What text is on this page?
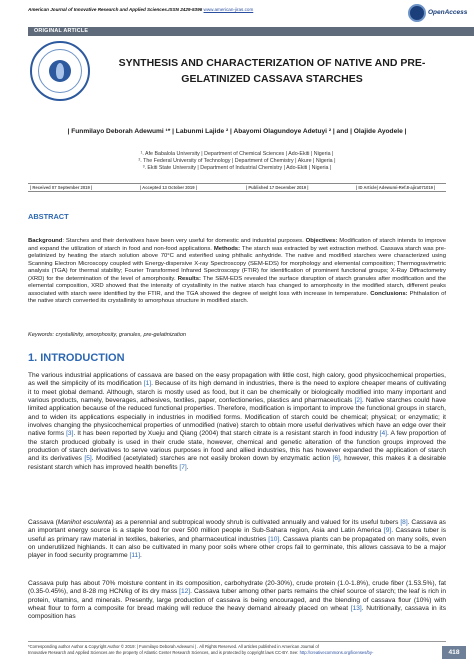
American Journal of Innovative Research and Applied Sciences.ISSN 2429-5396 www.american-jiras.com	OpenAccess
ORIGINAL ARTICLE
SYNTHESIS AND CHARACTERIZATION OF NATIVE AND PRE-
GELATINIZED CASSAVA STARCHES
| Funmilayo Deborah Adewumi ¹* | Labunmi Lajide ² | Abayomi Olagundoye Adetuyi ² | and | Olajide Ayodele |
¹. Afe Babalola University | Department of Chemical Sciences | Ado-Ekiti | Nigeria |
². The Federal University of Technology | Department of Chemistry | Akure | Nigeria |
³. Ekiti State University | Department of Industrial Chemistry | Ado-Ekiti | Nigeria |
| Received 07 September 2019 |	| Accepted 13 October 2019 |	| Published 17 December 2019 |	| ID Article| Adewumi-Ref.8-ajira071019 |
ABSTRACT
Background: Starches and their derivatives have been very useful for domestic and industrial purposes. Objectives: Modification of starch intends to improve and expand the utilization of starch in food and non-food applications. Methods: The starch was extracted by wet extraction method. Cassava starch was pre-gelatinized by heating the starch solution above 70°C and esterified using phthalic anhydride. The native and modified starches were characterized using Scanning Electron Microscopy coupled with Energy-dispersive X-ray Spectroscopy (SEM-EDS) for morphology and elemental composition; Thermogravimetric analysis (TGA) for thermal stability; Fourier Transformed Infrared Spectroscopy (FTIR) for identification of prominent functional groups; X-Ray Diffractometry (XRD) for the determination of the level of amorphosity. Results: The SEM-EDS revealed the surface disruption of starch granules after modification and the elemental composition, XRD showed that the intensity of crystallinity in the native starch has changed to amorphosity in the modified starch, different peaks associated with starch were identified by the FTIR, and the TGA showed the degree of weight loss with increase in temperature. Conclusions: Phthalation of the native starch converted its crystallinity to amorphous structure in modified starch.
Keywords: crystallinity, amorphosity, granules, pre-gelatinization
1. INTRODUCTION
The various industrial applications of cassava are based on the easy propagation with little cost, high calory, good physicochemical properties, as well the simplicity of its modification [1]. Because of its high demand in industries, there is the need to explore cheaper means of cultivating it to meet global demand. Although, starch is mostly used as food, but it can be chemically or biologically modified into many important and various products, namely, beverages, adhesives, textiles, paper, confectioneries, plastics and pharmaceuticals [2]. Native starches could have limited application because of the reduced functional properties. Therefore, modification is important to improve the functional groups in starch, and to widen its applications especially in industries in modified forms. Modification of starch could be chemical; physical; or enzymatic; it involves changing the physicochemical properties of unmodified (native) starch to obtain more useful derivatives which have an edge over their native forms [3]. It has been reported by Xueju and Qiang (2004) that starch citrate is a resistant starch in food industry [4]. A few proportion of the starch produced globally is used in their crude state, however, chemical and genetic alteration of the function groups improved the production of starch derivatives to serve various purposes in food and allied industries, this has however expanded the application of starch and its derivatives [5]. Modified (acetylated) starches are not easily broken down by enzymatic action [6], however, this makes it a desirable resistant starch which has improved health benefits [7].
Cassava (Manihot esculenta) as a perennial and subtropical woody shrub is cultivated annually and valued for its useful tubers [8]. Cassava as an important energy source is a staple food for over 500 million people in Sub-Sahara region, Asia and Latin America [9]. Cassava tuber is useful as primary raw material in textiles, bakeries, and pharmaceutical industries [10]. Cassava plants can be propagated on many soils, even on underutilized highlands. It can also be cultivated in many poor soils where other crops fail to germinate, this allows cassava to be a major player in food security programme [11].
Cassava pulp has about 70% moisture content in its composition, carbohydrate (20-30%), crude protein (1.0-1.8%), crude fiber (1.53.5%), fat (0.35-0.45%), and 8-28 mg HCN/kg of its dry mass [12]. Cassava tuber among other parts remains the chief source of starch; the leaf is rich in protein, vitamins, and minerals. Presently, large production of cassava is being encouraged, and the blending of cassava flour (10%) with wheat flour to form a composite for bread making will reduce the heavy demand already placed on wheat [13]. Nutritionally, cassava in its composition has
*Corresponding author Author & Copyright Author © 2019: | Funmilayo Deborah Adewumi | . All Rights Reserved. All articles published in American Journal of
Innovative Research and Applied Sciences are the property of Atlantic Center Research Sciences, and is protected by copyright laws CC-BY. See: http://creativecommons.org/licenses/by-	418
